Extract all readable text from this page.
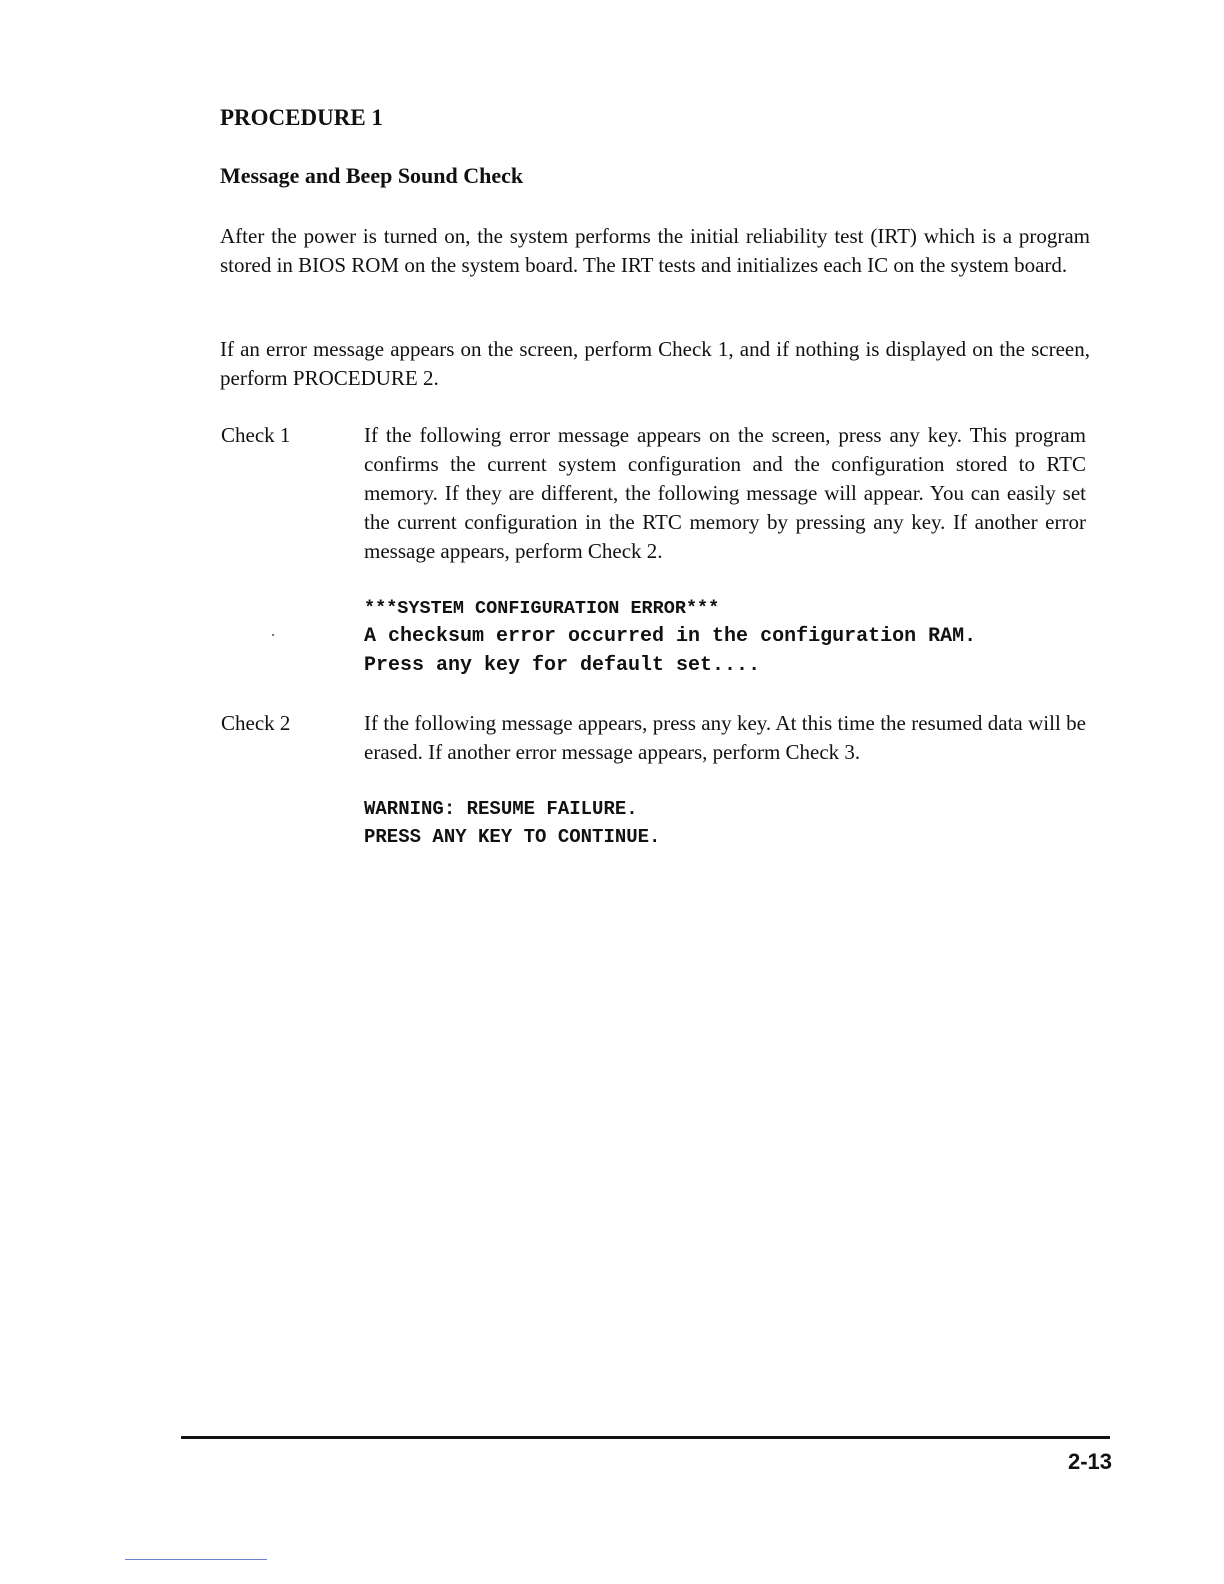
PROCEDURE 1
Message and Beep Sound Check
After the power is turned on, the system performs the initial reliability test (IRT) which is a program stored in BIOS ROM on the system board. The IRT tests and initializes each IC on the system board.
If an error message appears on the screen, perform Check 1, and if nothing is displayed on the screen, perform PROCEDURE 2.
Check 1	If the following error message appears on the screen, press any key. This program confirms the current system configuration and the configuration stored to RTC memory. If they are different, the following message will appear. You can easily set the current configuration in the RTC memory by pressing any key. If another error message appears, perform Check 2.
***SYSTEM CONFIGURATION ERROR***
A checksum error occurred in the configuration RAM.
Press any key for default set....
Check 2	If the following message appears, press any key. At this time the resumed data will be erased. If another error message appears, perform Check 3.
WARNING: RESUME FAILURE.
PRESS ANY KEY TO CONTINUE.
2-13
